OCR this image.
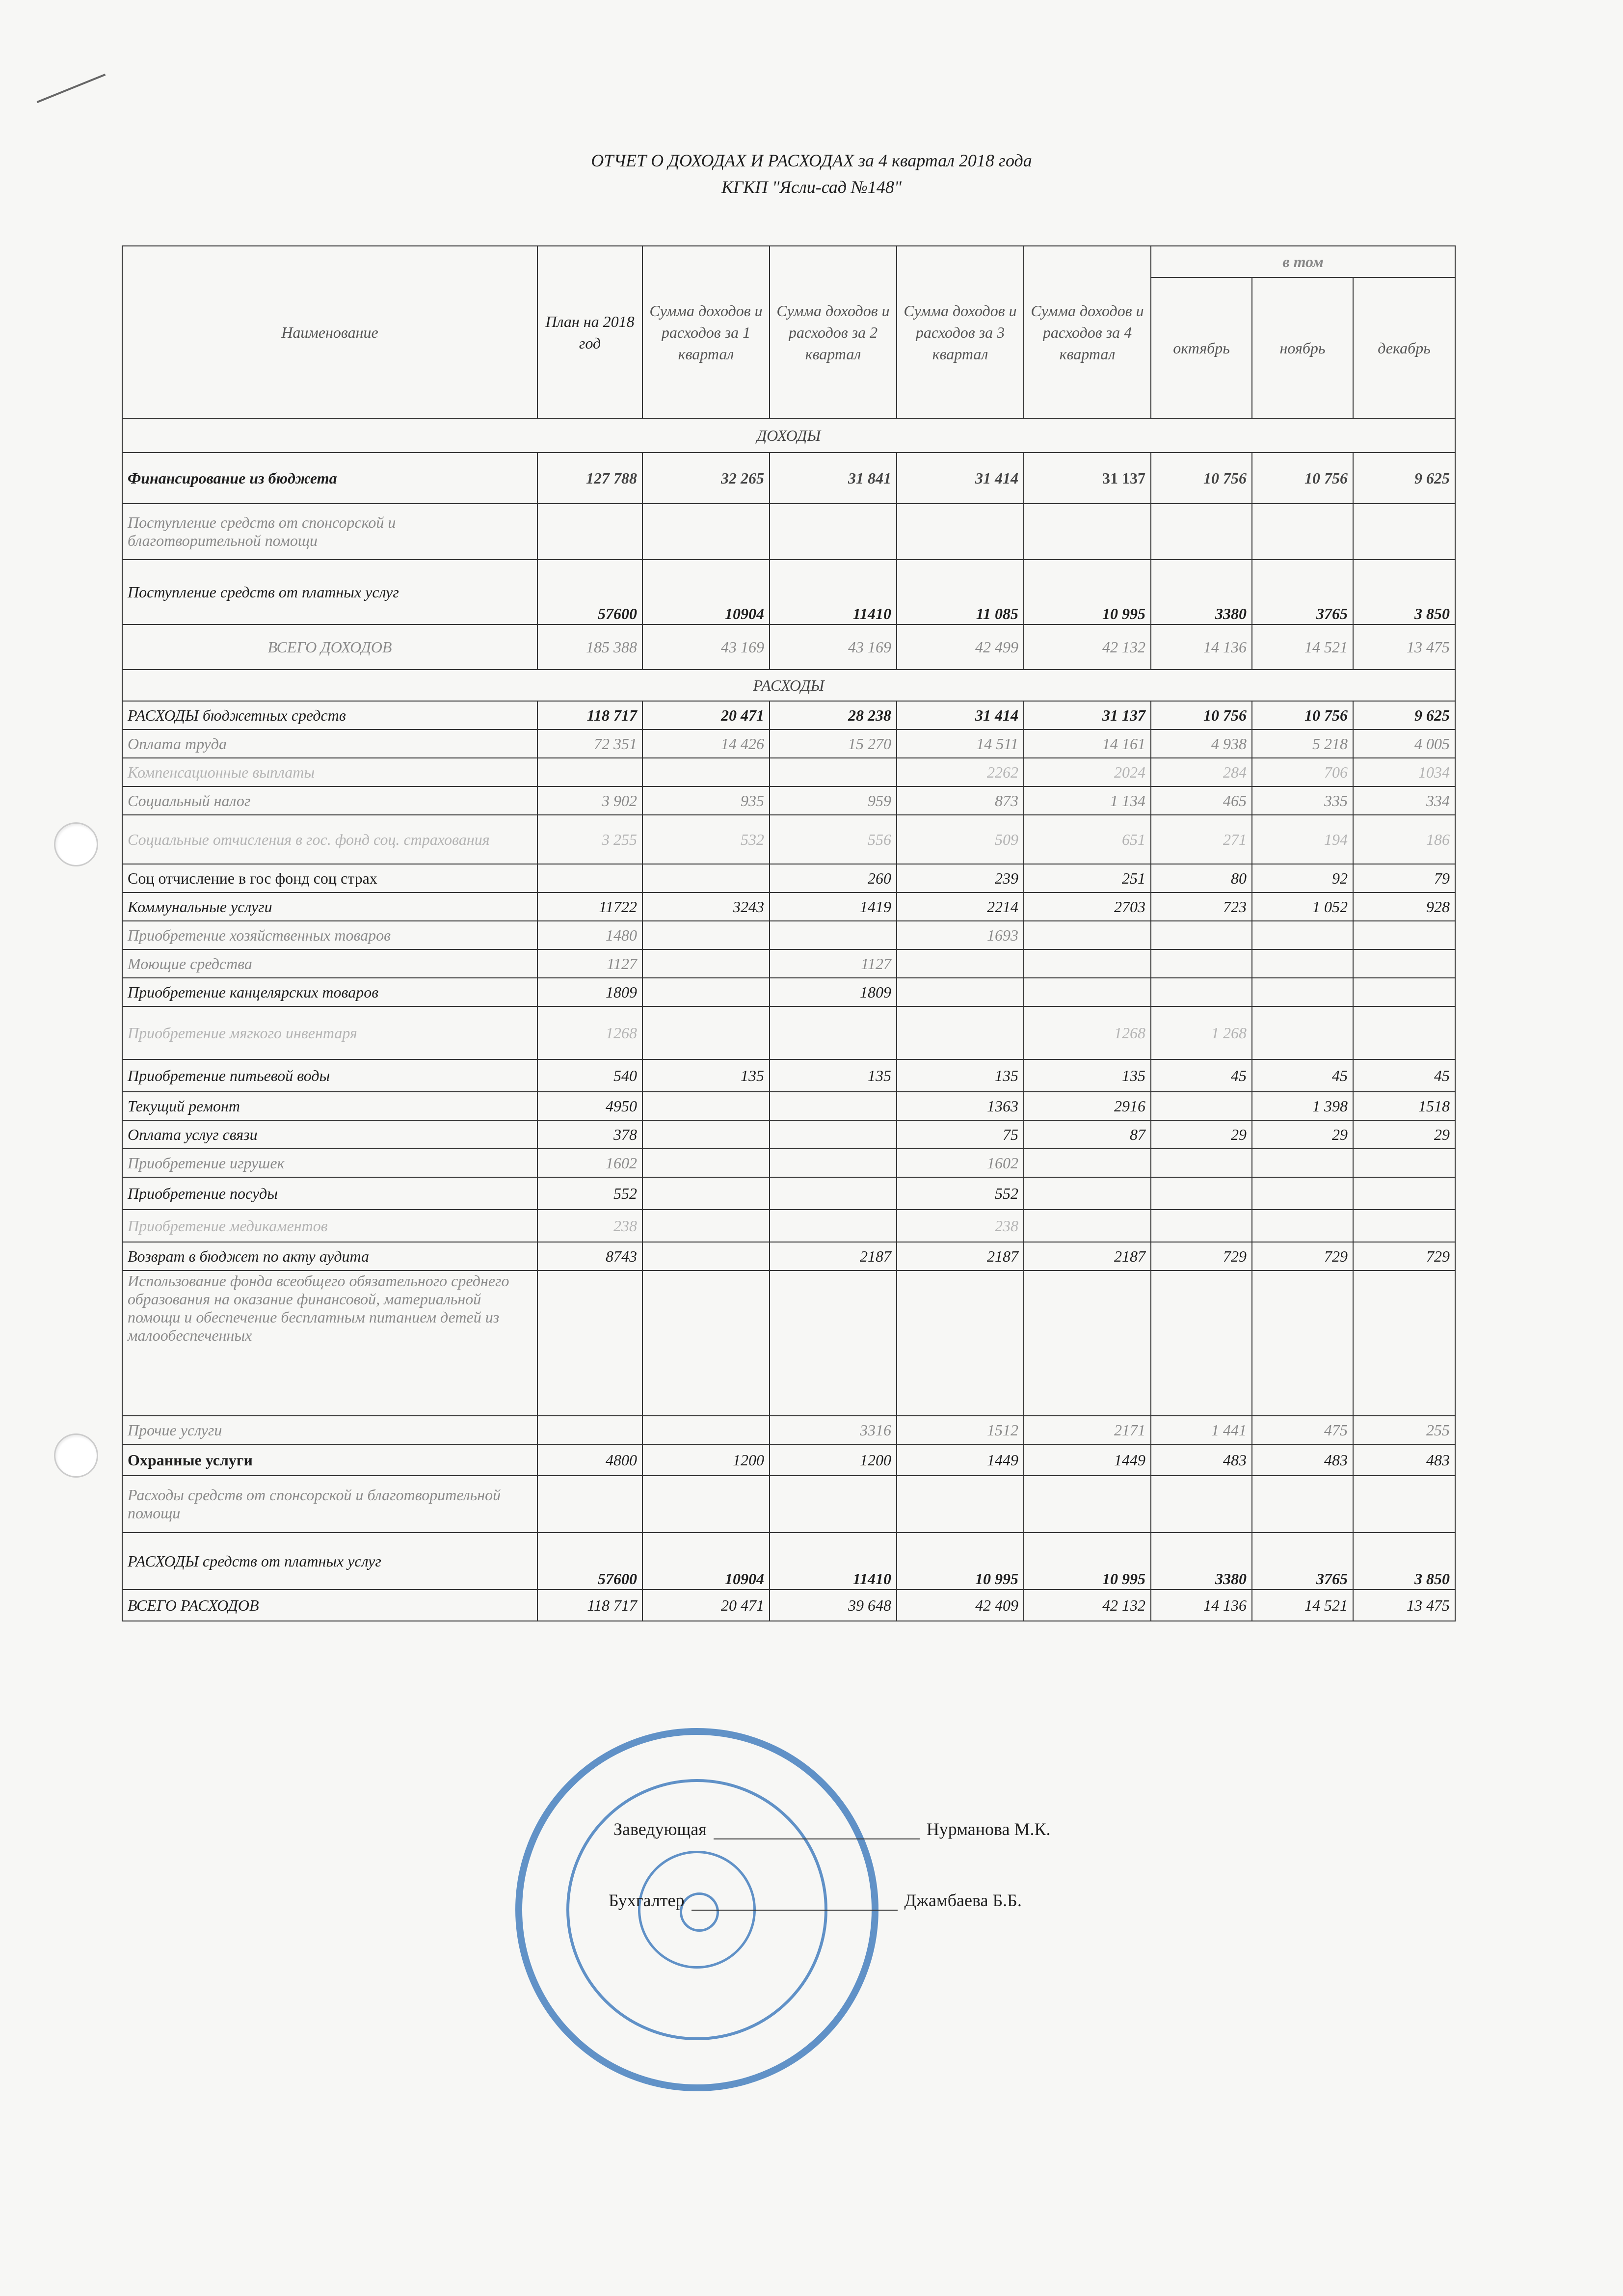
ОТЧЕТ О ДОХОДАХ И РАСХОДАХ за 4 квартал 2018 года
КГКП "Ясли-сад №148"
Наименование	План на 2018 год	Сумма доходов и расходов за 1 квартал	Сумма доходов и расходов за 2 квартал	Сумма доходов и расходов за 3 квартал	Сумма доходов и расходов за 4 квартал	в том		
						октябрь	ноябрь	декабрь
ДОХОДЫ								
Финансирование из бюджета	127 788	32 265	31 841	31 414	31 137	10 756	10 756	9 625
Поступление средств от спонсорской и благотворительной помощи								
Поступление средств от платных услуг	57600	10904	11410	11 085	10 995	3380	3765	3 850
ВСЕГО ДОХОДОВ	185 388	43 169	43 169	42 499	42 132	14 136	14 521	13 475
РАСХОДЫ								
РАСХОДЫ бюджетных средств	118 717	20 471	28 238	31 414	31 137	10 756	10 756	9 625
Оплата труда	72 351	14 426	15 270	14 511	14 161	4 938	5 218	4 005
Компенсационные выплаты				2262	2024	284	706	1034
Социальный налог	3 902	935	959	873	1 134	465	335	334
Социальные отчисления в гос. фонд соц. страхования	3 255	532	556	509	651	271	194	186
Соц отчисление в гос фонд соц страх			260	239	251	80	92	79
Коммунальные услуги	11722	3243	1419	2214	2703	723	1 052	928
Приобретение хозяйственных товаров	1480			1693				
Моющие средства	1127		1127					
Приобретение канцелярских товаров	1809		1809					
Приобретение мягкого инвентаря	1268				1268	1 268		
Приобретение питьевой воды	540	135	135	135	135	45	45	45
Текущий ремонт	4950			1363	2916		1 398	1518
Оплата услуг связи	378			75	87	29	29	29
Приобретение игрушек	1602			1602				
Приобретение посуды	552			552				
Приобретение медикаментов	238			238				
Возврат в бюджет по акту аудита	8743		2187	2187	2187	729	729	729
Использование фонда всеобщего обязательного среднего образования на оказание финансовой, материальной помощи и обеспечение бесплатным питанием детей из малообеспеченных								
Прочие услуги			3316	1512	2171	1 441	475	255
Охранные услуги	4800	1200	1200	1449	1449	483	483	483
Расходы средств от спонсорской и благотворительной помощи								
РАСХОДЫ средств от платных услуг	57600	10904	11410	10 995	10 995	3380	3765	3 850
ВСЕГО РАСХОДОВ	118 717	20 471	39 648	42 409	42 132	14 136	14 521	13 475
Заведующая	Нурманова М.К.
Бухгалтер	Джамбаева Б.Б.
